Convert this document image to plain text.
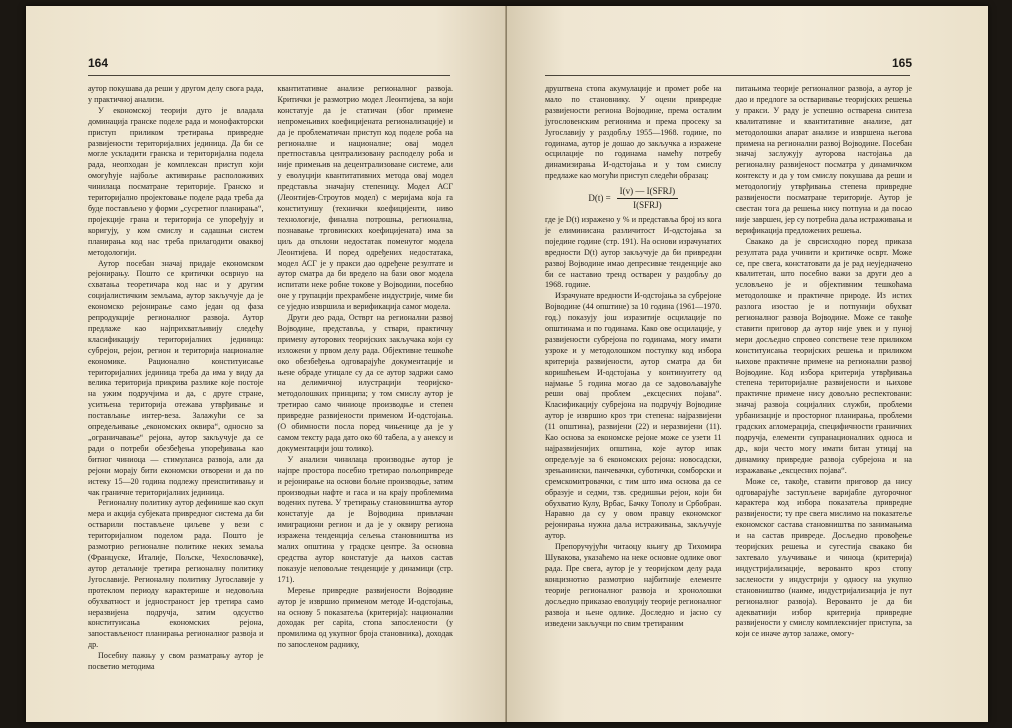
164

аутор покушава да реши у другом делу свога рада, у практичној анализи.

У економској теорији дуго је владала доминација гранске поделе рада и монофакторски приступ приликом третирања привредне развијености територијалних јединица. Да би се могле ускладити гранска и територијална подела рада, неопходан је комплексан приступ који омогућује најбоље активирање расположивих чинилаца посматране територије. Гранско и територијално пројектовање поделе рада треба да буде постављено у форми „сусретног планирања“, пројекције грана и територија се упоређују и коригују, у ком смислу и садашњи систем планирања код нас треба прилагодити оваквој методологији.

Аутор посебан значај придаје економском рејонирању. Пошто се критички осврнуо на схватања теоретичара код нас и у другим социјалистичким земљама, аутор закључује да је економско рејонирање само један од фаза репродукције регионалног развоја. Аутор предлаже као најприхватљивију следећу класификацију територијалних јединица: субрејон, рејон, регион и територија националне економике. Рационално конституисање територијалних јединица треба да има у виду да велика територија прикрива разлике које постоје на ужим подручјима и да, с друге стране, уситњена територија отежава утврђивање и постављање интер-веза. Залажући се за опредељивање „економских оквира“, односно за „ограничавање“ рејона, аутор закључује да се ради о потреби обезбеђења упоређивања као битног чиниоца — стимуланса развоја, али да рејони морају бити економски отворени и да по истеку 15—20 година подлежу преиспитивању и чак граничне територијалних јединица.

Регионалну политику аутор дефинише као скуп мера и акција субјеката привредног система да би остварили постављене циљеве у вези с територијалном поделом рада. Пошто је размотрио регионалне политике неких земаља (Француске, Италије, Пољске, Чехословачке), аутор детаљније третира регионалну политику Југославије. Регионалну политику Југославије у протеклом периоду карактерише и недовољна обухватност и једностраност јер третира само неразвијена подручја, затим одсуство конституисања економских рејона, запостављеност планирања регионалног развоја и др.

Посебну пажњу у свом разматрању аутор је посветио методима

квантитативне анализе регионалног развоја. Критички је размотрио модел Леонтијева, за који констатује да је статичан (због примене непромењивих коефицијената регионализације) и да је проблематичан приступ код поделе роба на регионалне и националне; овај модел претпоставља централизовану расподелу роба и није примењив на децентрализоване системе, али у еволуцији квантитативних метода овај модел представља значајну степеницу. Модел АСГ (Леонтијев-Строутов модел) с меријама која га конституишу (технички коефицијенти, ниво технологије, финална потрошња, регионална, познавање трговинских коефицијената) има за циљ да отклони недостатак поменутог модела Леонтијева. И поред одређених недостатака, модел АСГ је у пракси дао одређене резултате и аутор сматра да би вредело на бази овог модела испитати неке робне токове у Војводини, посебно оне у групацији прехрамбене индустрије, чиме би се уједно извршила и верификација самог модела.

Други део рада, Остврт на регионални развој Војводине, представља, у ствари, практичну примену ауторових теоријских закључака који су изложени у првом делу рада. Објективне тешкоће око обезбеђења одговарајуће документације и њене обраде утицале су да се аутор задржи само на делимичној илустрацији теоријско-методолошких принципа; у том смислу аутор је третирао само чиниоце производње и степен привредне развијености применом И-одстојања. (О обимности посла поред чињенице да је у самом тексту рада дато око 60 табела, а у анексу и документацији још толико).

У анализи чинилаца производње аутор је најпре простора посебно третирао пољопривреде и рејонирање на основи бољне производње, затим производњи нафте и гаса и на крају проблемима водених путева. У третирању становништва аутор констатује да је Војводина привлачан имиграциони регион и да је у оквиру региона изражена тенденција сељења становништва из малих општина у градске центре. За основна средства аутор констатује да њихов састав показује неповољне тенденције у динамици (стр. 171).

Мерење привредне развијености Војводине аутор је извршио применом методе И-одстојања, на основу 5 показатеља (критерија): национални доходак per capita, стопа запослености (у промилима од укупног броја становника), доходак по запосленом раднику,

165

друштвена стопа акумулације и промет робе на мало по становнику. У оцени привредне развијености региона Војводине, према осталим југословенским регионима и према просеку за Југославију у раздобљу 1955—1968. године, по годинама, аутор је дошао до закључка а изражене осцилације по годинама намећу потребу динамизирања И-одстојања и у том смислу предлаже као могући приступ следећи образац:

$D(t) = \frac{\text{I(v) — I(SFRJ)}}{\text{I(SFRJ)}}$

где је D(t) изражено у % и представља број из кога је елиминисана различитост И-одстојања за поједине године (стр. 191). На основи израчунатих вредности D(t) аутор закључује да би привредни развој Војводине имао депресивне тенденције ако би се наставио тренд остварен у раздобљу до 1968. године.

Израчунате вредности И-одстојања за субрејоне Војводине (44 општине) за 10 година (1961—1970. год.) показују још изразитије осцилације по општинама и по годинама. Како ове осцилације, у развијености субрејона по годинама, могу имати узроке и у методолошком поступку код избора критерија развијености, аутор сматра да би коришћењем И-одстојања у континуитету од најмање 5 година могао да се задовољавајуће реши овај проблем „ексцесних појава“. Класификацију субрејона на подручју Војводине аутор је извршио кроз три степена: најразвијени (11 општина), развијени (22) и неразвијени (11). Као основа за економске рејоне може се узети 11 најразвијенијих општина, које аутор ипак опредељује за 6 економских рејона: новосадски, зрењанински, панчевачки, суботички, сомборски и сремскомитровачки, с тим што има основа да се образује и седми, тзв. средишњи рејон, који би обухватио Кулу, Врбас, Бачку Тополу и Србобран. Наравно да су у овом правцу економског рејонирања нужна даља истраживања, закључује аутор.

Препоручујући читаоцу књигу др Тихомира Шувакова, указаћемо на неке основне одлике овог рада. Пре свега, аутор је у теоријском делу рада концизнотно размотрио најбитније елементе теорије регионалног развоја и хронолошки досљедно приказао еволуцију теорије регионалног развоја и њене одлике. Доследно и јасно су изведени закључци по свим третираним

питањима теорије регионалног развоја, а аутор је дао и предлоге за остваривање теоријских решења у пракси. У раду је успешно остварена синтеза квалитативне и квантитативне анализе, дат методолошки апарат анализе и извршена његова примена на регионални развој Војводине. Посебан значај заслужују ауторова настојања да регионалну развијеност посматра у динамичком контексту и да у том смислу покушава да реши и методологију утврђивања степена привредне развијености посматране територије. Аутор је свестан тога да решења нису потпуна и да посао није завршен, јер су потребна даља истраживања и верификација предложених решења.

Свакако да је сврсисходно поред приказа резултата рада учинити и критичке осврт. Може се, пре свега, констатовати да је рад неуједначено квалитетан, што посебно важи за други део а условљено је и објективним тешкоћама методолошке и практичне природе. Из истих разлога изостао је и потпунији обухват регионалног развоја Војводине. Може се такође ставити приговор да аутор није увек и у пуној мери досљедно спровео сопствене тезе приликом конституисања теоријских решења и приликом њихове практичне примене на регионални развој Војводине. Код избора критерија утврђивања степена територијалне развијености и њихове практичне примене нису довољно респектовани: значај развоја социјалних служби, проблеми урбанизације и просторног планирања, проблеми градских агломерација, специфичности граничних подручја, елементи супранационалних односа и др., који често могу имати битан утицај на динамику привредне развоја субрејона и на изражавање „ексцесних појава“.

Може се, такође, ставити приговор да нису одговарајуће заступљене варијабле дугорочног карактера код избора показатеља привредне развијености; ту пре свега мислимо на показатеље економског састава становништва по занимањима и на састав привреде. Досљедно провођење теоријских решења и сугестија свакако би захтевало уључивање и чиноца (критерија) индустријализације, верованто кроз стопу заслености у индустрији у односу на укупно становништво (наиме, индустријализација је пут регионалног развоја). Верованто је да би адекватнији избор критерија привредне развијености у смислу комплекснијег приступа, за који се иначе аутор залаже, омогу-
